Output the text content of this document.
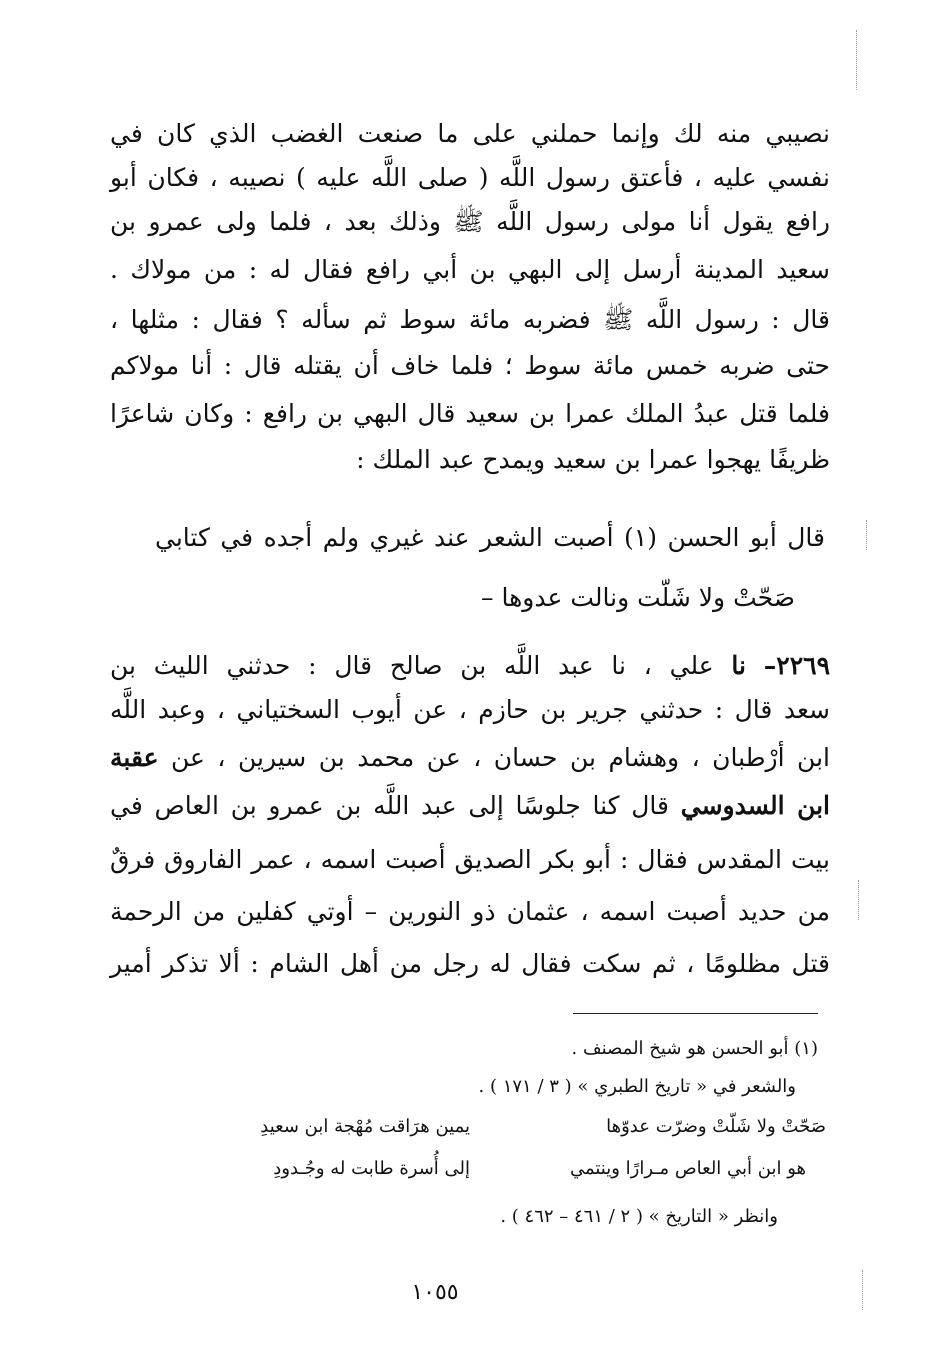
نصيبي منه لك وإنما حملني على ما صنعت الغضب الذي كان في
نفسي عليه ، فأعتق رسول اللَّه ( صلى اللَّه عليه ) نصيبه ، فكان أبو
رافع يقول أنا مولى رسول اللَّه ﷺ وذلك بعد ، فلما ولى عمرو بن
سعيد المدينة أرسل إلى البهي بن أبي رافع فقال له : من مولاك .
قال : رسول اللَّه ﷺ فضربه مائة سوط ثم سأله ؟ فقال : مثلها ،
حتى ضربه خمس مائة سوط ؛ فلما خاف أن يقتله قال : أنا مولاكم
فلما قتل عبدُ الملك عمرا بن سعيد قال البهي بن رافع : وكان شاعرًا
ظريفًا يهجوا عمرا بن سعيد ويمدح عبد الملك :
قال أبو الحسن (١) أصبت الشعر عند غيري ولم أجده في كتابي
صَحّتْ ولا شَلّت ونالت عدوها –
٢٢٦٩– نا علي ، نا عبد اللَّه بن صالح قال : حدثني الليث بن
سعد قال : حدثني جرير بن حازم ، عن أيوب السختياني ، وعبد اللَّه
ابن أرْطبان ، وهشام بن حسان ، عن محمد بن سيرين ، عن عقبة
ابن السدوسي قال كنا جلوسًا إلى عبد اللَّه بن عمرو بن العاص في
بيت المقدس فقال : أبو بكر الصديق أصبت اسمه ، عمر الفاروق فرقٌ
من حديد أصبت اسمه ، عثمان ذو النورين – أوتي كفلين من الرحمة
قتل مظلومًا ، ثم سكت فقال له رجل من أهل الشام : ألا تذكر أمير
(١) أبو الحسن هو شيخ المصنف .
والشعر في « تاريخ الطبري » ( ٣ / ١٧١ ) .
صَحّتْ ولا شَلّتْ وضرّت عدوّها
يمين هرَاقت مُهْجة ابن سعيدِ
هو ابن أبي العاص مـرارًا وينتمي
إلى أُسرة طابت له وجُـدودِ
وانظر « التاريخ » ( ٢ / ٤٦١ – ٤٦٢ ) .
١٠٥٥
